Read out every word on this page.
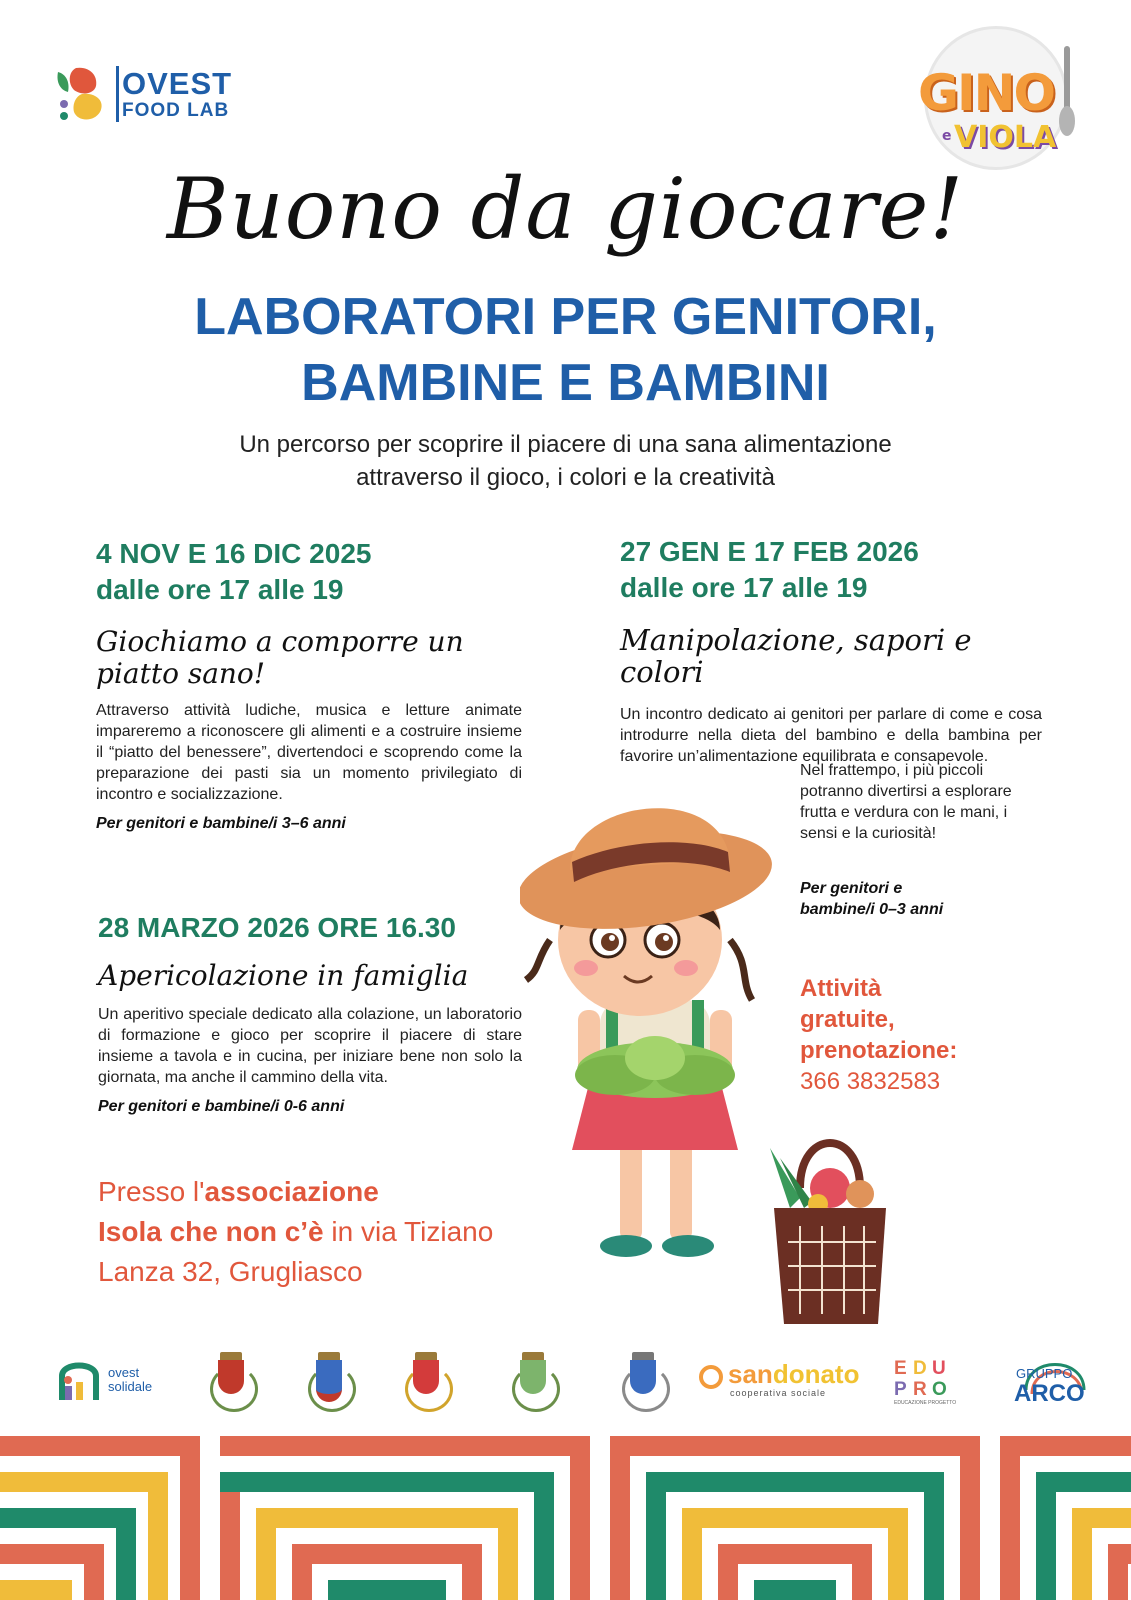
OVEST
FOOD LAB	GINO
e VIOLA
Buono da giocare!
LABORATORI PER GENITORI,
BAMBINE E BAMBINI
Un percorso per scoprire il piacere di una sana alimentazione
attraverso il gioco, i colori e la creatività
4 NOV E 16 DIC 2025
dalle ore 17 alle 19
Giochiamo a comporre un
piatto sano!
Attraverso attività ludiche, musica e letture animate impareremo a riconoscere gli alimenti e a costruire insieme il “piatto del benessere”, divertendoci e scoprendo come la preparazione dei pasti sia un momento privilegiato di incontro e socializzazione.
Per genitori e bambine/i 3–6 anni
27 GEN E 17 FEB 2026
dalle ore 17 alle 19
Manipolazione, sapori e colori
Un incontro dedicato ai genitori per parlare di come e cosa introdurre nella dieta del bambino e della bambina per favorire un’alimentazione equilibrata e consapevole.
Nel frattempo, i più piccoli potranno divertirsi a esplorare frutta e verdura con le mani, i sensi e la curiosità!
Per genitori e
bambine/i 0–3 anni
Attività
gratuite,
prenotazione:
366 3832583
28 MARZO 2026 ORE 16.30
Apericolazione in famiglia
Un aperitivo speciale dedicato alla colazione, un laboratorio di formazione e gioco per scoprire il piacere di stare insieme a tavola e in cucina, per iniziare bene non solo la giornata, ma anche il cammino della vita.
Per genitori e bambine/i 0-6 anni
Presso l'associazione
Isola che non c’è in via Tiziano
Lanza 32, Grugliasco
ovest
solidale	sandonato
cooperativa sociale
E D U
P R O
EDUCAZIONE PROGETTO
GRUPPO
ARCO
